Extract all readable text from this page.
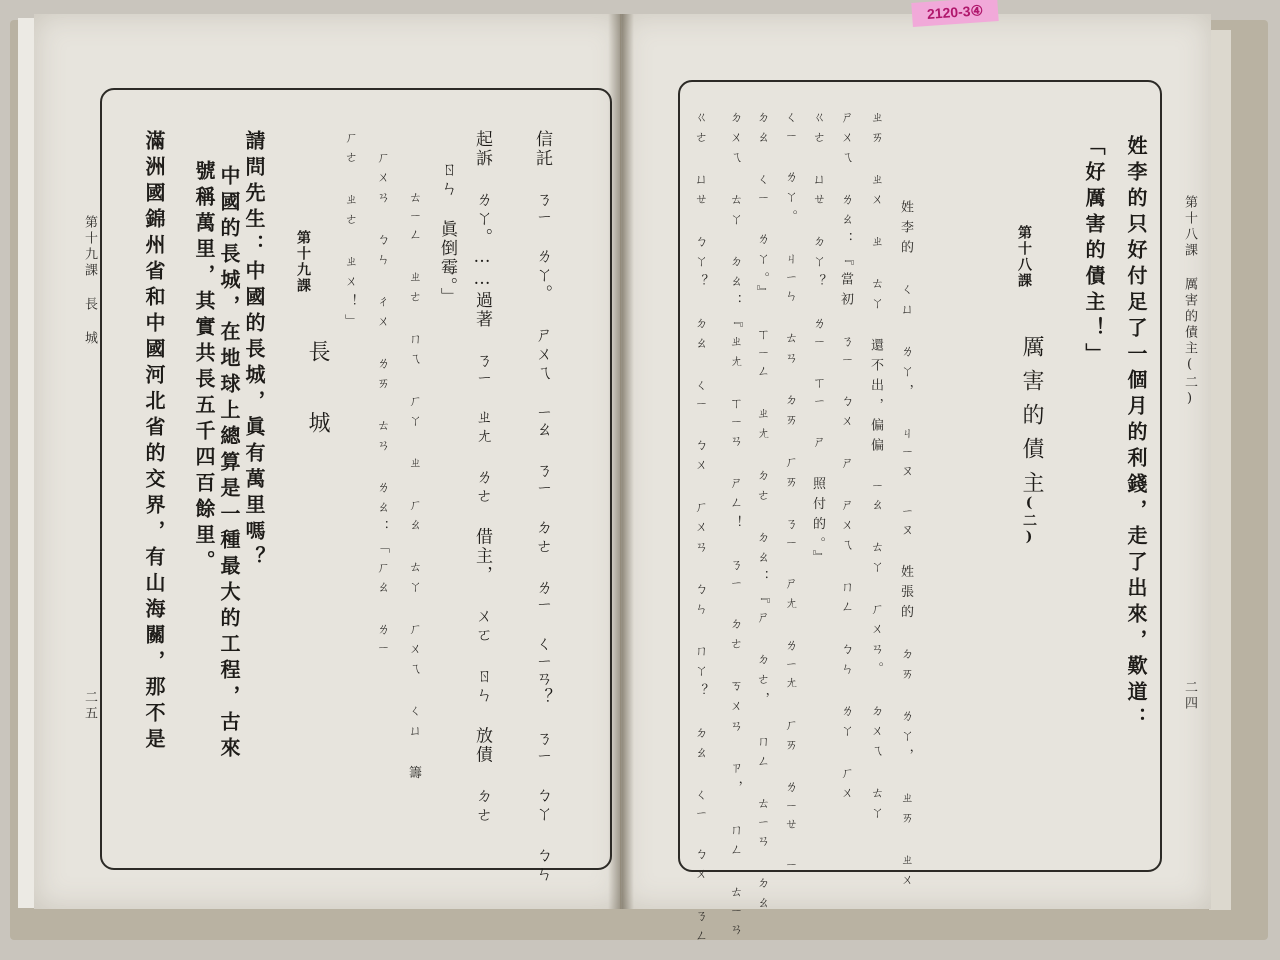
2120-3④
第十九課 長 城
二五 滿洲國錦州省和中國河北省的交界，有山海關，那不是 號稱萬里，其實共長五千四百餘里。 中國的長城，在地球上總算是一種最大的工程，古來 請問先生：中國的長城，眞有萬里嗎？ 第十九課
長 城
ㄏㄜ ㄓㄜ ㄓㄨ！」 ㄏㄨㄢ ㄅㄣ ㄔㄨ ㄌㄞ ㄊㄢ ㄌㄠ：「ㄏㄠ ㄌㄧ ㄊㄧㄥ ㄓㄜ ㄇㄟ ㄏㄚ ㄓ ㄏㄠ ㄊㄚ ㄏㄨㄟ ㄑㄩ 籌 ㄖㄣ 眞倒霉。」 起訴 ㄌㄚ。……過著 ㄋㄧ ㄓㄤ ㄌㄜ 借主， ㄨㄛ ㄖㄣ 放債 ㄉㄜ 信託 ㄋㄧ ㄌㄚ。 ㄕㄨㄟ ㄧㄠ ㄋㄧ ㄉㄜ ㄌㄧ ㄑㄧㄢ？ ㄋㄧ ㄅㄚ ㄅㄣ	ㄍㄜ ㄩㄝ ㄅㄚ？ ㄉㄠ ㄑㄧ ㄅㄨ ㄏㄨㄢ ㄅㄣ ㄇㄚ？ ㄉㄠ ㄑㄧ ㄅㄨ ㄋㄥ ㄉㄨㄟ ㄊㄚ ㄉㄠ：『ㄓㄤ ㄒㄧㄢ ㄕㄥ！ ㄋㄧ ㄉㄜ ㄎㄨㄢ ㄗ， ㄇㄥ ㄊㄧㄢ ㄉㄠ ㄑㄧ ㄌㄚ。』 ㄒㄧㄥ ㄓㄤ ㄉㄜ ㄉㄠ：『ㄕ ㄉㄜ， ㄇㄥ ㄊㄧㄢ ㄉㄠ ㄑㄧ ㄌㄚ。 ㄐㄧㄣ ㄊㄢ ㄉㄞ ㄏㄞ ㄋㄧ ㄕㄤ ㄌㄧㄤ ㄏㄞ ㄌㄧㄝ ㄧ ㄍㄜ ㄩㄝ ㄉㄚ？ ㄌㄧ ㄒㄧ ㄕ 照付的。』 ㄕㄨㄟ ㄌㄠ：『當初 ㄋㄧ ㄅㄨ ㄕ ㄕㄨㄟ ㄇㄥ ㄅㄣ ㄌㄚ ㄏㄨ ㄓㄞ ㄓㄨ ㄓ ㄊㄚ 還不出，偏偏 ㄧㄠ ㄊㄚ ㄏㄨㄢ。 ㄉㄨㄟ ㄊㄚ 姓李的 ㄑㄩ ㄌㄚ， ㄐㄧㄡ ㄧㄡ 姓張的 ㄉㄞ ㄌㄚ， ㄓㄞ ㄓㄨ	第十八課
厲害的債主
(二)
「好厲害的債主！」 姓李的只好付足了一個月的利錢，走了出來，歎道：	第十八課 厲害的債主(二)
二四
